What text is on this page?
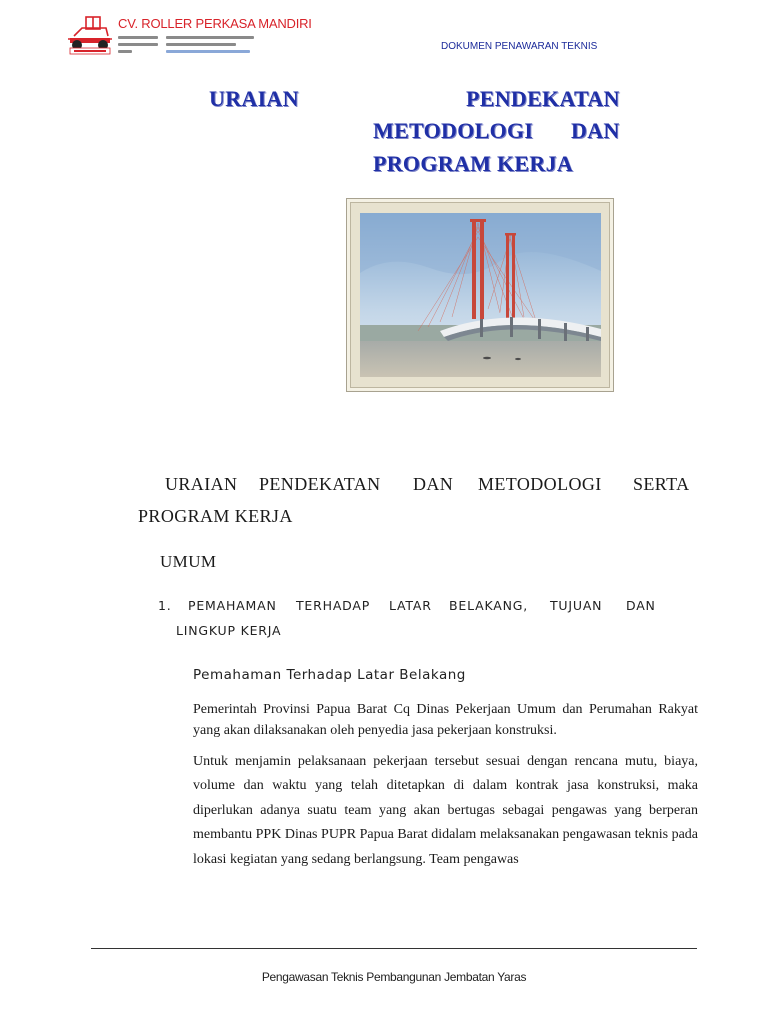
CV. ROLLER PERKASA MANDIRI
DOKUMEN PENAWARAN TEKNIS
URAIAN	PENDEKATAN
METODOLOGI DAN
PROGRAM KERJA
URAIAN PENDEKATAN DAN METODOLOGI SERTA
PROGRAM KERJA
UMUM
1. PEMAHAMAN TERHADAP LATAR BELAKANG, TUJUAN DAN
LINGKUP KERJA
Pemahaman Terhadap Latar Belakang
Pemerintah Provinsi Papua Barat Cq Dinas Pekerjaan Umum dan Perumahan Rakyat yang akan dilaksanakan oleh penyedia jasa pekerjaan konstruksi.
Untuk menjamin pelaksanaan pekerjaan tersebut sesuai dengan rencana mutu, biaya, volume dan waktu yang telah ditetapkan di dalam kontrak jasa konstruksi, maka diperlukan adanya suatu team yang akan bertugas sebagai pengawas yang berperan membantu PPK Dinas PUPR Papua Barat didalam melaksanakan pengawasan teknis pada lokasi kegiatan yang sedang berlangsung. Team pengawas
Pengawasan Teknis Pembangunan Jembatan Yaras
